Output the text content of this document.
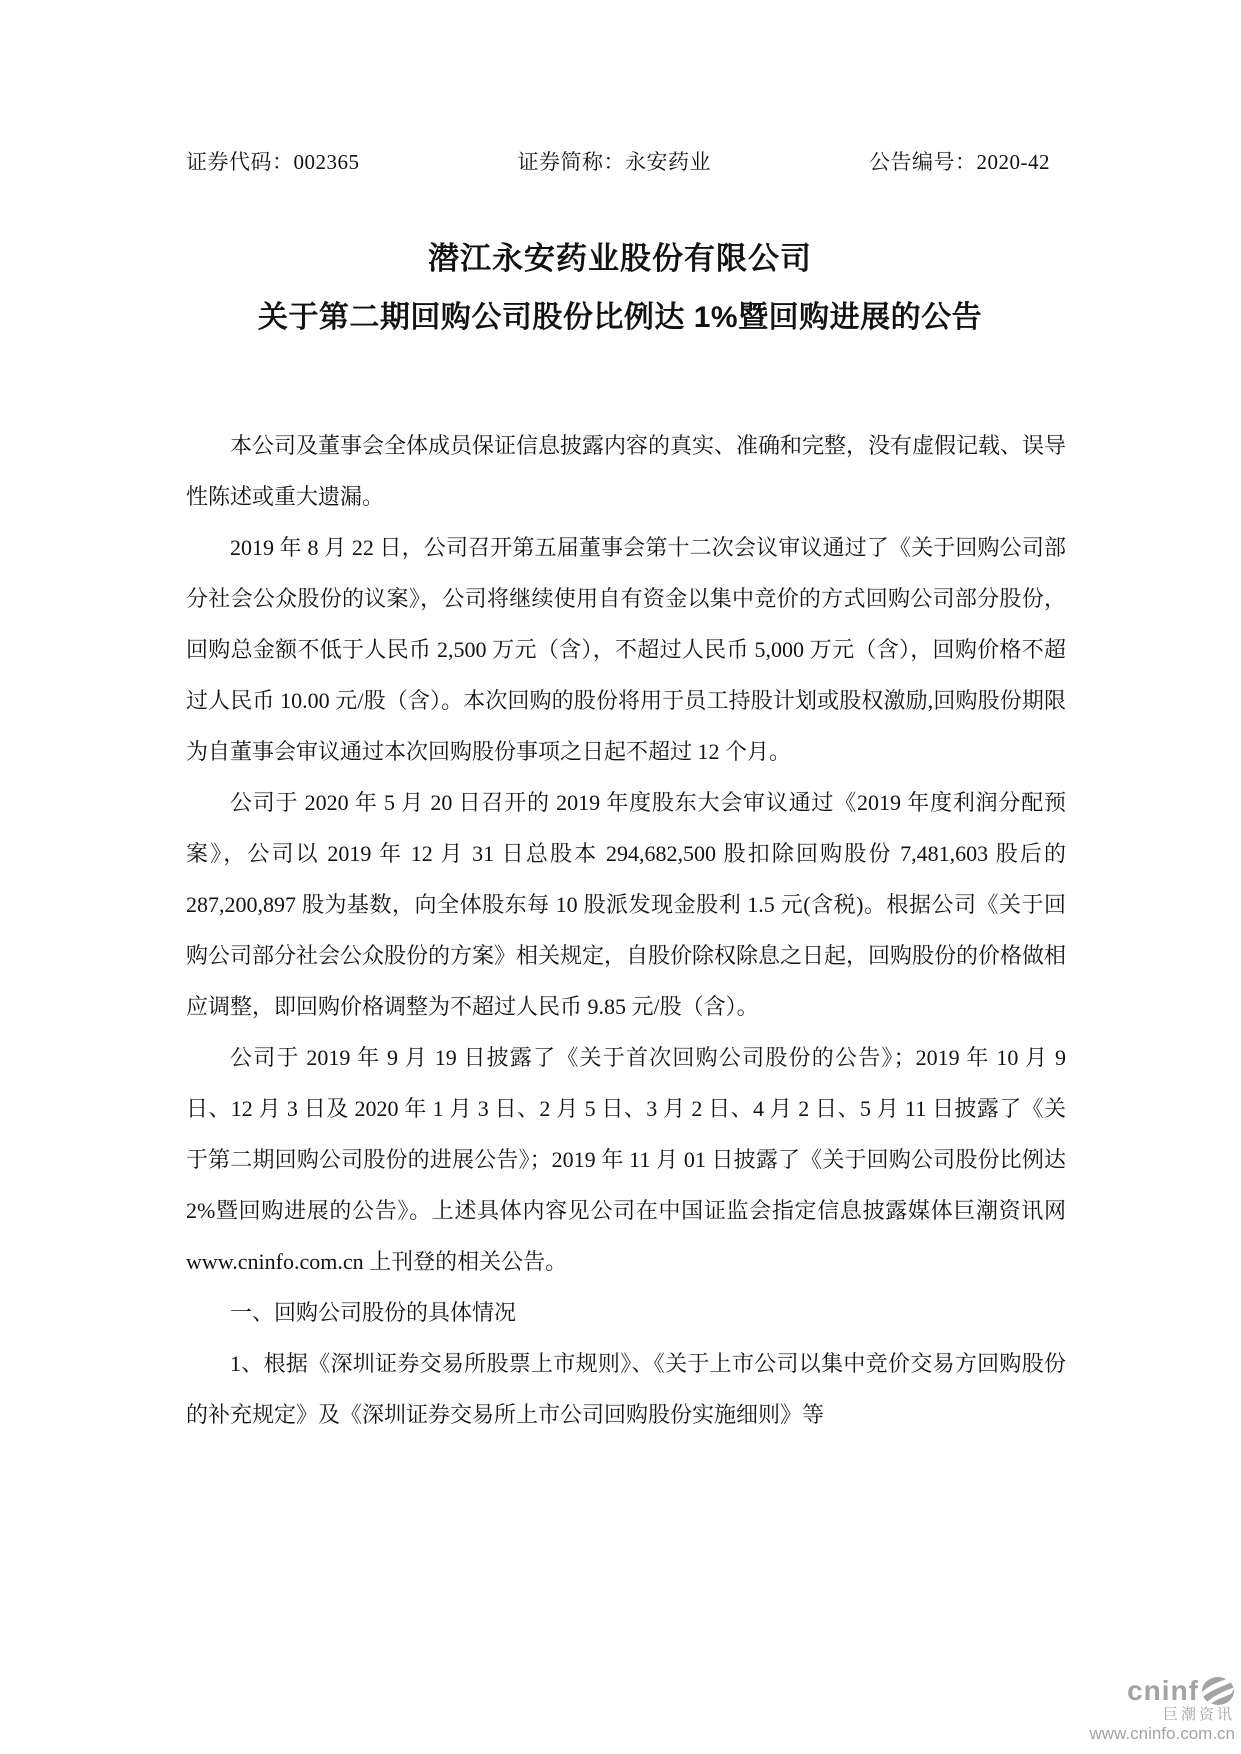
证券代码：002365	证券简称：永安药业	公告编号：2020-42
潜江永安药业股份有限公司
关于第二期回购公司股份比例达 1%暨回购进展的公告

本公司及董事会全体成员保证信息披露内容的真实、准确和完整，没有虚假记载、误导性陈述或重大遗漏。

2019 年 8 月 22 日，公司召开第五届董事会第十二次会议审议通过了《关于回购公司部分社会公众股份的议案》，公司将继续使用自有资金以集中竞价的方式回购公司部分股份，回购总金额不低于人民币 2,500 万元（含），不超过人民币 5,000 万元（含），回购价格不超过人民币 10.00 元/股（含）。本次回购的股份将用于员工持股计划或股权激励,回购股份期限为自董事会审议通过本次回购股份事项之日起不超过 12 个月。

公司于 2020 年 5 月 20 日召开的 2019 年度股东大会审议通过《2019 年度利润分配预案》，公司以 2019 年 12 月 31 日总股本 294,682,500 股扣除回购股份 7,481,603 股后的 287,200,897 股为基数，向全体股东每 10 股派发现金股利 1.5 元(含税)。根据公司《关于回购公司部分社会公众股份的方案》相关规定，自股价除权除息之日起，回购股份的价格做相应调整，即回购价格调整为不超过人民币 9.85 元/股（含）。

公司于 2019 年 9 月 19 日披露了《关于首次回购公司股份的公告》；2019 年 10 月 9 日、12 月 3 日及 2020 年 1 月 3 日、2 月 5 日、3 月 2 日、4 月 2 日、5 月 11 日披露了《关于第二期回购公司股份的进展公告》；2019 年 11 月 01 日披露了《关于回购公司股份比例达 2%暨回购进展的公告》。上述具体内容见公司在中国证监会指定信息披露媒体巨潮资讯网 www.cninfo.com.cn 上刊登的相关公告。

一、回购公司股份的具体情况

1、根据《深圳证券交易所股票上市规则》、《关于上市公司以集中竞价交易方回购股份的补充规定》及《深圳证券交易所上市公司回购股份实施细则》等

cninf
巨潮资讯
www.cninfo.com.cn
